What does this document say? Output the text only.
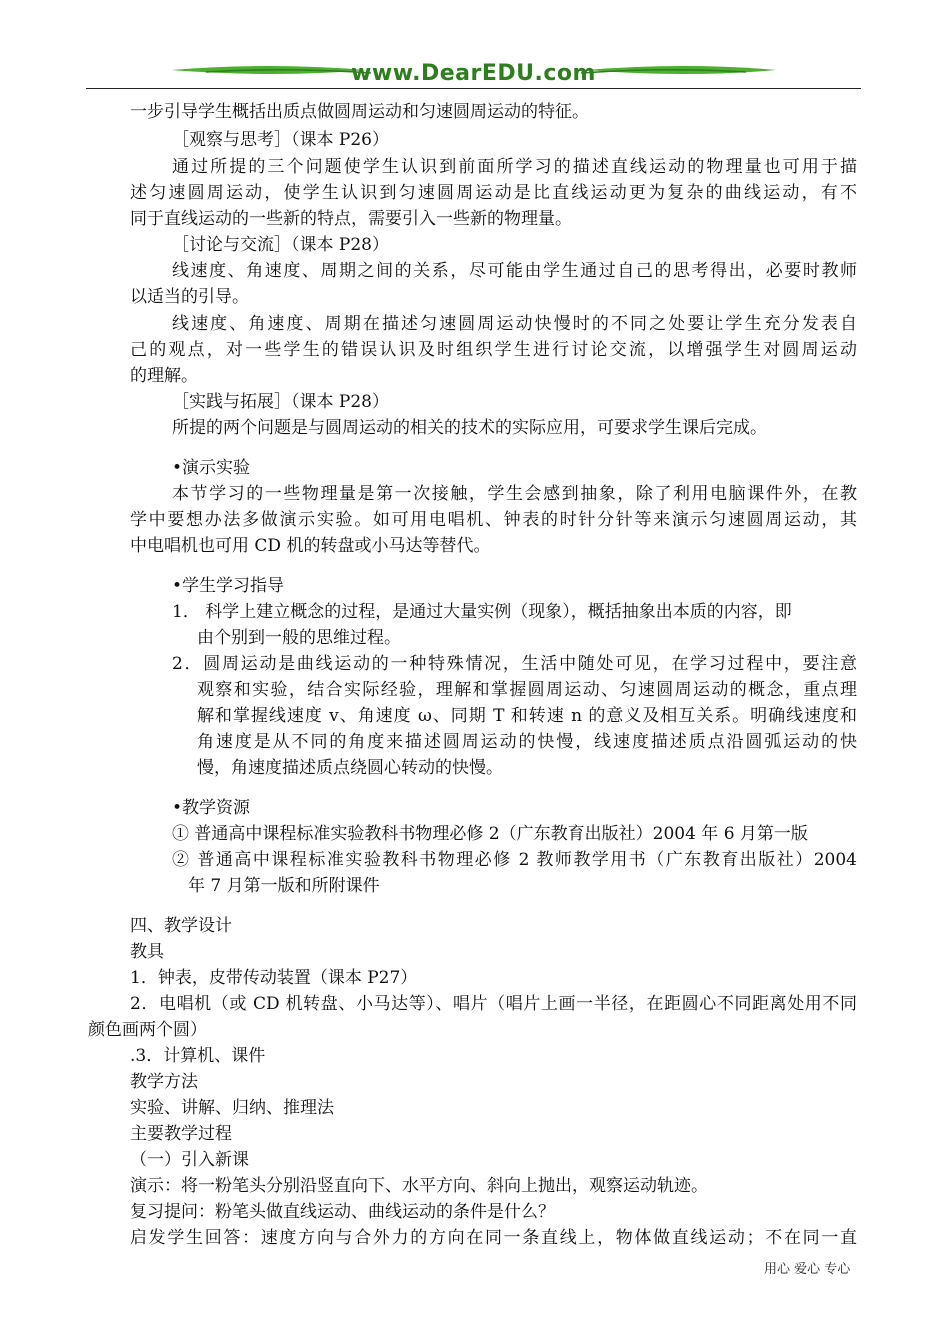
www.DearEDU.com
一步引导学生概括出质点做圆周运动和匀速圆周运动的特征。
［观察与思考］（课本 P26）
通过所提的三个问题使学生认识到前面所学习的描述直线运动的物理量也可用于描
述匀速圆周运动，使学生认识到匀速圆周运动是比直线运动更为复杂的曲线运动，有不
同于直线运动的一些新的特点，需要引入一些新的物理量。
［讨论与交流］（课本 P28）
线速度、角速度、周期之间的关系，尽可能由学生通过自己的思考得出，必要时教师
以适当的引导。
线速度、角速度、周期在描述匀速圆周运动快慢时的不同之处要让学生充分发表自
己的观点，对一些学生的错误认识及时组织学生进行讨论交流，以增强学生对圆周运动
的理解。
［实践与拓展］（课本 P28）
所提的两个问题是与圆周运动的相关的技术的实际应用，可要求学生课后完成。
•演示实验
本节学习的一些物理量是第一次接触，学生会感到抽象，除了利用电脑课件外，在教
学中要想办法多做演示实验。如可用电唱机、钟表的时针分针等来演示匀速圆周运动，其
中电唱机也可用 CD 机的转盘或小马达等替代。
•学生学习指导
1． 科学上建立概念的过程，是通过大量实例（现象），概括抽象出本质的内容，即
由个别到一般的思维过程。
2．圆周运动是曲线运动的一种特殊情况，生活中随处可见，在学习过程中，要注意
观察和实验，结合实际经验，理解和掌握圆周运动、匀速圆周运动的概念，重点理
解和掌握线速度 v、角速度 ω、同期 T 和转速 n 的意义及相互关系。明确线速度和
角速度是从不同的角度来描述圆周运动的快慢，线速度描述质点沿圆弧运动的快
慢，角速度描述质点绕圆心转动的快慢。
•教学资源
① 普通高中课程标准实验教科书物理必修 2（广东教育出版社）2004 年 6 月第一版
② 普通高中课程标准实验教科书物理必修 2 教师教学用书（广东教育出版社）2004
年 7 月第一版和所附课件
四、教学设计
教具
1．钟表，皮带传动装置（课本 P27）
2．电唱机（或 CD 机转盘、小马达等）、唱片（唱片上画一半径，在距圆心不同距离处用不同
颜色画两个圆）
.3．计算机、课件
教学方法
实验、讲解、归纳、推理法
主要教学过程
（一）引入新课
演示：将一粉笔头分别沿竖直向下、水平方向、斜向上抛出，观察运动轨迹。
复习提问：粉笔头做直线运动、曲线运动的条件是什么？
启发学生回答：速度方向与合外力的方向在同一条直线上，物体做直线运动；不在同一直
用心 爱心 专心
